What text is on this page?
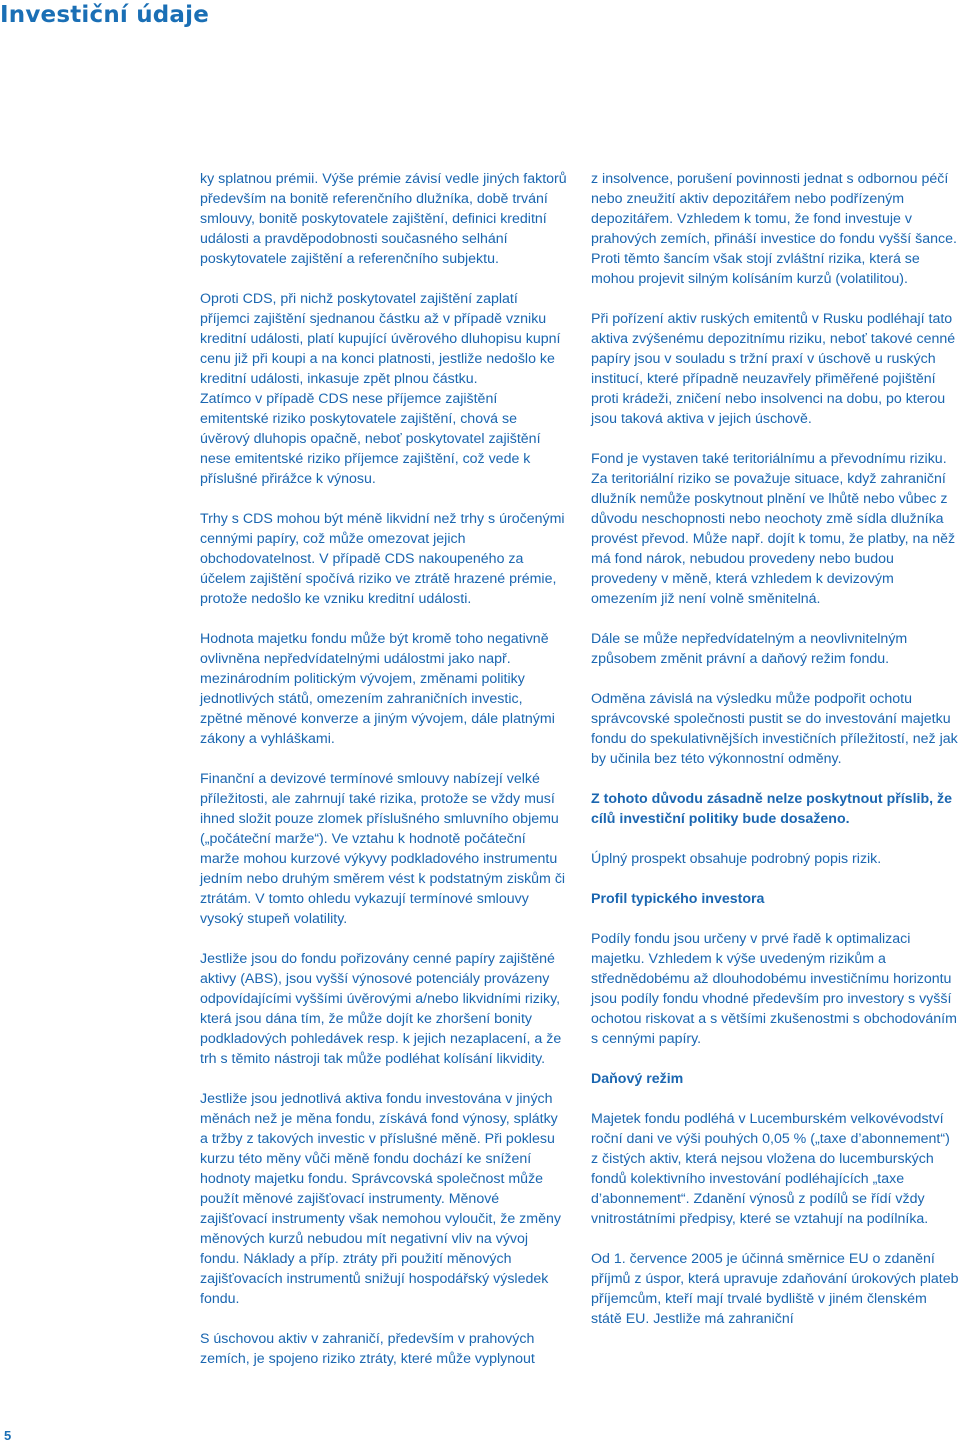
Investiční údaje

ky splatnou prémii. Výše prémie závisí vedle jiných faktorů především na bonitě referenčního dlužníka, době trvání smlouvy, bonitě poskytovatele zajištění, definici kreditní události a pravděpodobnosti současného selhání poskytovatele zajištění a referenčního subjektu.

Oproti CDS, při nichž poskytovatel zajištění zaplatí příjemci zajištění sjednanou částku až v případě vzniku kreditní události, platí kupující úvěrového dluhopisu kupní cenu již při koupi a na konci platnosti, jestliže nedošlo ke kreditní události, inkasuje zpět plnou částku.

Zatímco v případě CDS nese příjemce zajištění emitentské riziko poskytovatele zajištění, chová se úvěrový dluhopis opačně, neboť poskytovatel zajištění nese emitentské riziko příjemce zajištění, což vede k příslušné přirážce k výnosu.

Trhy s CDS mohou být méně likvidní než trhy s úročenými cennými papíry, což může omezovat jejich obchodovatelnost. V případě CDS nakoupeného za účelem zajištění spočívá riziko ve ztrátě hrazené prémie, protože nedošlo ke vzniku kreditní události.

Hodnota majetku fondu může být kromě toho negativně ovlivněna nepředvídatelnými událostmi jako např. mezinárodním politickým vývojem, změnami politiky jednotlivých států, omezením zahraničních investic, zpětné měnové konverze a jiným vývojem, dále platnými zákony a vyhláškami.

Finanční a devizové termínové smlouvy nabízejí velké příležitosti, ale zahrnují také rizika, protože se vždy musí ihned složit pouze zlomek příslušného smluvního objemu („počáteční marže“). Ve vztahu k hodnotě počáteční marže mohou kurzové výkyvy podkladového instrumentu jedním nebo druhým směrem vést k podstatným ziskům či ztrátám. V tomto ohledu vykazují termínové smlouvy vysoký stupeň volatility.

Jestliže jsou do fondu pořizovány cenné papíry zajištěné aktivy (ABS), jsou vyšší výnosové potenciály provázeny odpovídajícími vyššími úvěrovými a/nebo likvidními riziky, která jsou dána tím, že může dojít ke zhoršení bonity podkladových pohledávek resp. k jejich nezaplacení, a že trh s těmito nástroji tak může podléhat kolísání likvidity.

Jestliže jsou jednotlivá aktiva fondu investována v jiných měnách než je měna fondu, získává fond výnosy, splátky a tržby z takových investic v příslušné měně. Při poklesu kurzu této měny vůči měně fondu dochází ke snížení hodnoty majetku fondu. Správcovská společnost může použít měnové zajišťovací instrumenty. Měnové zajišťovací instrumenty však nemohou vyloučit, že změny měnových kurzů nebudou mít negativní vliv na vývoj fondu. Náklady a příp. ztráty při použití měnových zajišťovacích instrumentů snižují hospodářský výsledek fondu.

S úschovou aktiv v zahraničí, především v prahových zemích, je spojeno riziko ztráty, které může vyplynout

z insolvence, porušení povinnosti jednat s odbornou péčí nebo zneužití aktiv depozitářem nebo podřízeným depozitářem. Vzhledem k tomu, že fond investuje v prahových zemích, přináší investice do fondu vyšší šance. Proti těmto šancím však stojí zvláštní rizika, která se mohou projevit silným kolísáním kurzů (volatilitou).

Při pořízení aktiv ruských emitentů v Rusku podléhají tato aktiva zvýšenému depozitnímu riziku, neboť takové cenné papíry jsou v souladu s tržní praxí v úschově u ruských institucí, které případně neuzavřely přiměřené pojištění proti krádeži, zničení nebo insolvenci na dobu, po kterou jsou taková aktiva v jejich úschově.

Fond je vystaven také teritoriálnímu a převodnímu riziku. Za teritoriální riziko se považuje situace, když zahraniční dlužník nemůže poskytnout plnění ve lhůtě nebo vůbec z důvodu neschopnosti nebo neochoty změ sídla dlužníka provést převod. Může např. dojít k tomu, že platby, na něž má fond nárok, nebudou provedeny nebo budou provedeny v měně, která vzhledem k devizovým omezením již není volně směnitelná.

Dále se může nepředvídatelným a neovlivnitelným způsobem změnit právní a daňový režim fondu.

Odměna závislá na výsledku může podpořit ochotu správcovské společnosti pustit se do investování majetku fondu do spekulativnějších investičních příležitostí, než jak by učinila bez této výkonnostní odměny.

Z tohoto důvodu zásadně nelze poskytnout příslib, že cílů investiční politiky bude dosaženo.

Úplný prospekt obsahuje podrobný popis rizik.

Profil typického investora

Podíly fondu jsou určeny v prvé řadě k optimalizaci majetku. Vzhledem k výše uvedeným rizikům a střednědobému až dlouhodobému investičnímu horizontu jsou podíly fondu vhodné především pro investory s vyšší ochotou riskovat a s většími zkušenostmi s obchodováním s cennými papíry.

Daňový režim

Majetek fondu podléhá v Lucemburském velkovévodství roční dani ve výši pouhých 0,05 % („taxe d’abonnement“) z čistých aktiv, která nejsou vložena do lucemburských fondů kolektivního investování podléhajících „taxe d’abonnement“. Zdanění výnosů z podílů se řídí vždy vnitrostátními předpisy, které se vztahují na podílníka.

Od 1. července 2005 je účinná směrnice EU o zdanění příjmů z úspor, která upravuje zdaňování úrokových plateb příjemcům, kteří mají trvalé bydliště v jiném členském státě EU. Jestliže má zahraniční

5
